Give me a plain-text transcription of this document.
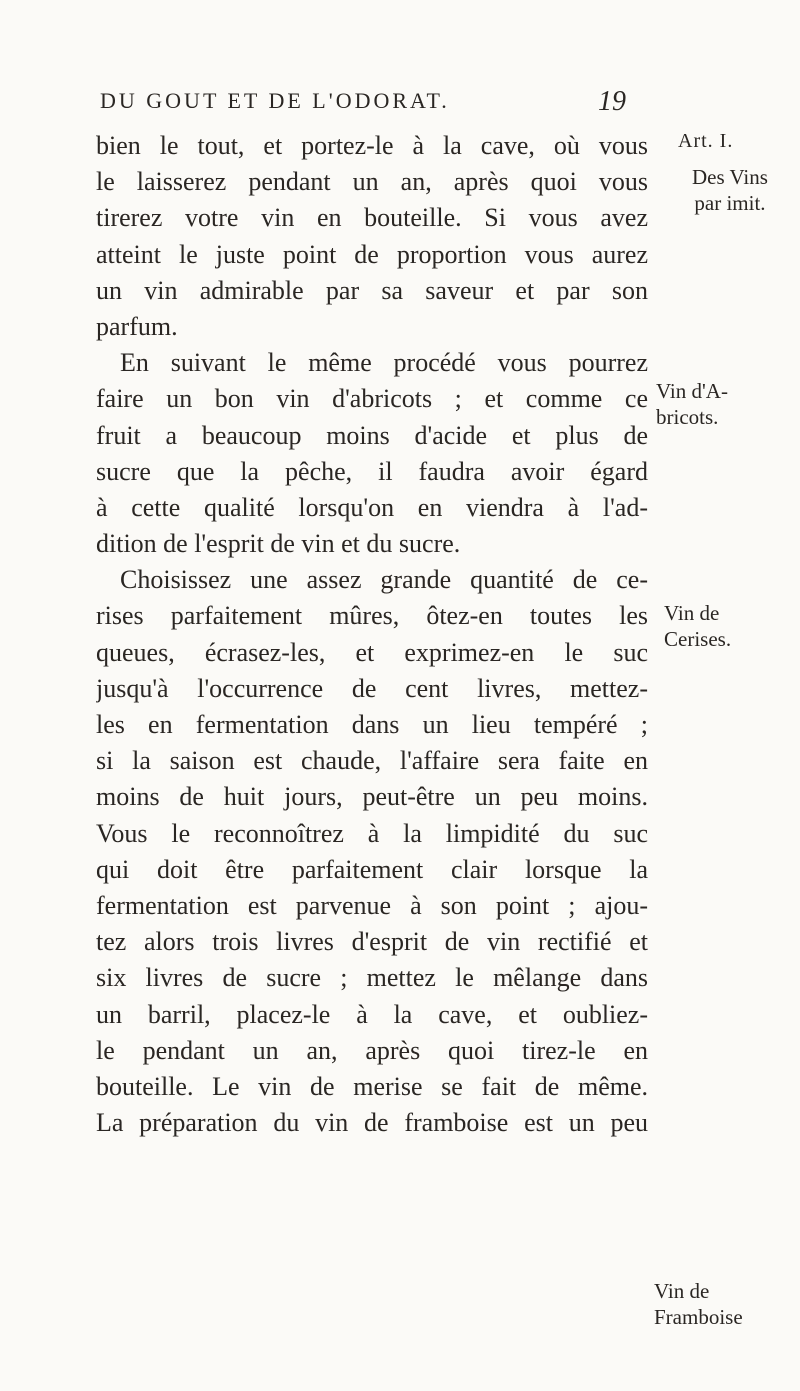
DU GOUT ET DE L'ODORAT.	19
bien le tout, et portez-le à la cave, où vous
le laisserez pendant un an, après quoi vous
tirerez votre vin en bouteille. Si vous avez
atteint le juste point de proportion vous aurez
un vin admirable par sa saveur et par son
parfum.
En suivant le même procédé vous pourrez
faire un bon vin d'abricots ; et comme ce
fruit a beaucoup moins d'acide et plus de
sucre que la pêche, il faudra avoir égard
à cette qualité lorsqu'on en viendra à l'ad-
dition de l'esprit de vin et du sucre.
Choisissez une assez grande quantité de ce-
rises parfaitement mûres, ôtez-en toutes les
queues, écrasez-les, et exprimez-en le suc
jusqu'à l'occurrence de cent livres, mettez-
les en fermentation dans un lieu tempéré ;
si la saison est chaude, l'affaire sera faite en
moins de huit jours, peut-être un peu moins.
Vous le reconnoîtrez à la limpidité du suc
qui doit être parfaitement clair lorsque la
fermentation est parvenue à son point ; ajou-
tez alors trois livres d'esprit de vin rectifié et
six livres de sucre ; mettez le mêlange dans
un barril, placez-le à la cave, et oubliez-
le pendant un an, après quoi tirez-le en
bouteille. Le vin de merise se fait de même.
La préparation du vin de framboise est un peu
Art. I.
Des Vins
par imit.
Vin d'A-
bricots.
Vin de
Cerises.
Vin de
Framboise
